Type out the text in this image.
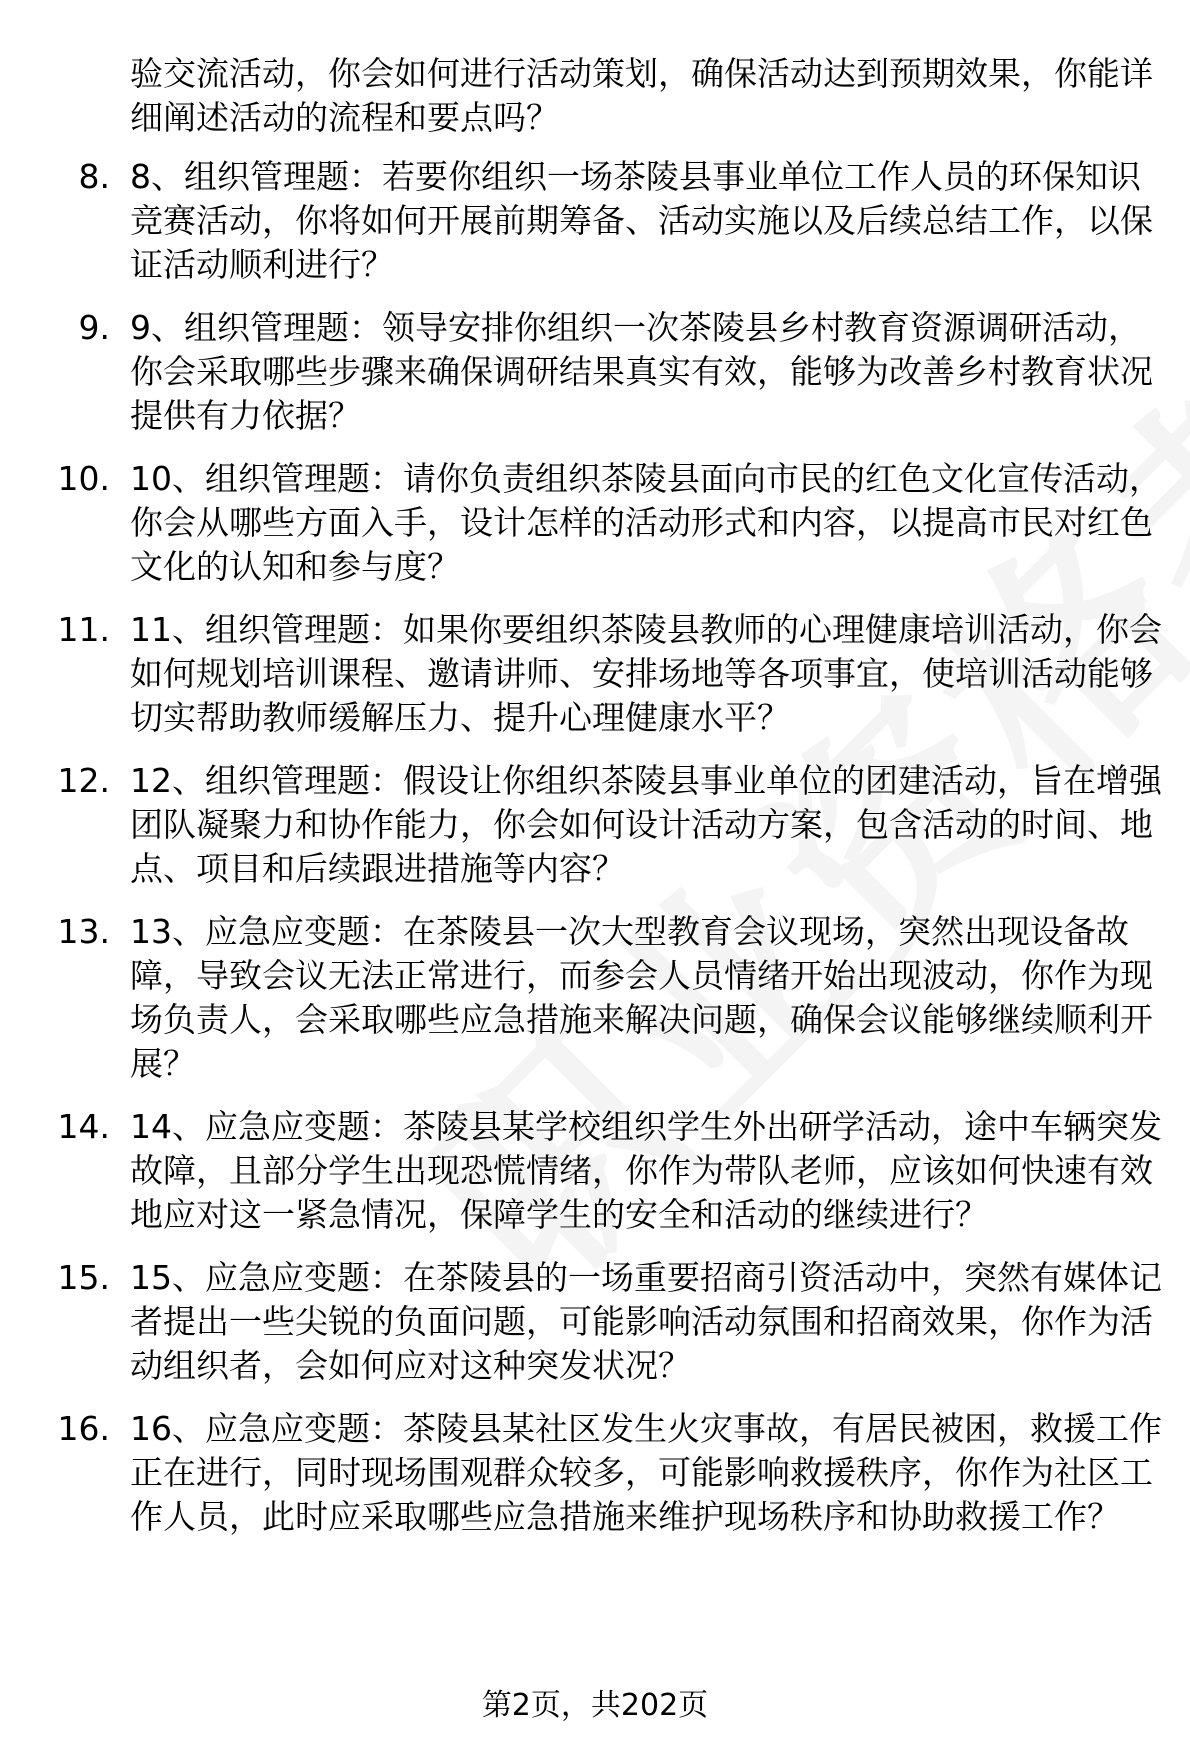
验交流活动，你会如何进行活动策划，确保活动达到预期效果，你能详细阐述活动的流程和要点吗？

8. 8、组织管理题：若要你组织一场茶陵县事业单位工作人员的环保知识竞赛活动，你将如何开展前期筹备、活动实施以及后续总结工作，以保证活动顺利进行？
9. 9、组织管理题：领导安排你组织一次茶陵县乡村教育资源调研活动，你会采取哪些步骤来确保调研结果真实有效，能够为改善乡村教育状况提供有力依据？
10. 10、组织管理题：请你负责组织茶陵县面向市民的红色文化宣传活动，你会从哪些方面入手，设计怎样的活动形式和内容，以提高市民对红色文化的认知和参与度？
11. 11、组织管理题：如果你要组织茶陵县教师的心理健康培训活动，你会如何规划培训课程、邀请讲师、安排场地等各项事宜，使培训活动能够切实帮助教师缓解压力、提升心理健康水平？
12. 12、组织管理题：假设让你组织茶陵县事业单位的团建活动，旨在增强团队凝聚力和协作能力，你会如何设计活动方案，包含活动的时间、地点、项目和后续跟进措施等内容？
13. 13、应急应变题：在茶陵县一次大型教育会议现场，突然出现设备故障，导致会议无法正常进行，而参会人员情绪开始出现波动，你作为现场负责人，会采取哪些应急措施来解决问题，确保会议能够继续顺利开展？
14. 14、应急应变题：茶陵县某学校组织学生外出研学活动，途中车辆突发故障，且部分学生出现恐慌情绪，你作为带队老师，应该如何快速有效地应对这一紧急情况，保障学生的安全和活动的继续进行？
15. 15、应急应变题：在茶陵县的一场重要招商引资活动中，突然有媒体记者提出一些尖锐的负面问题，可能影响活动氛围和招商效果，你作为活动组织者，会如何应对这种突发状况？
16. 16、应急应变题：茶陵县某社区发生火灾事故，有居民被困，救援工作正在进行，同时现场围观群众较多，可能影响救援秩序，你作为社区工作人员，此时应采取哪些应急措施来维护现场秩序和协助救援工作？
第2页，共202页
